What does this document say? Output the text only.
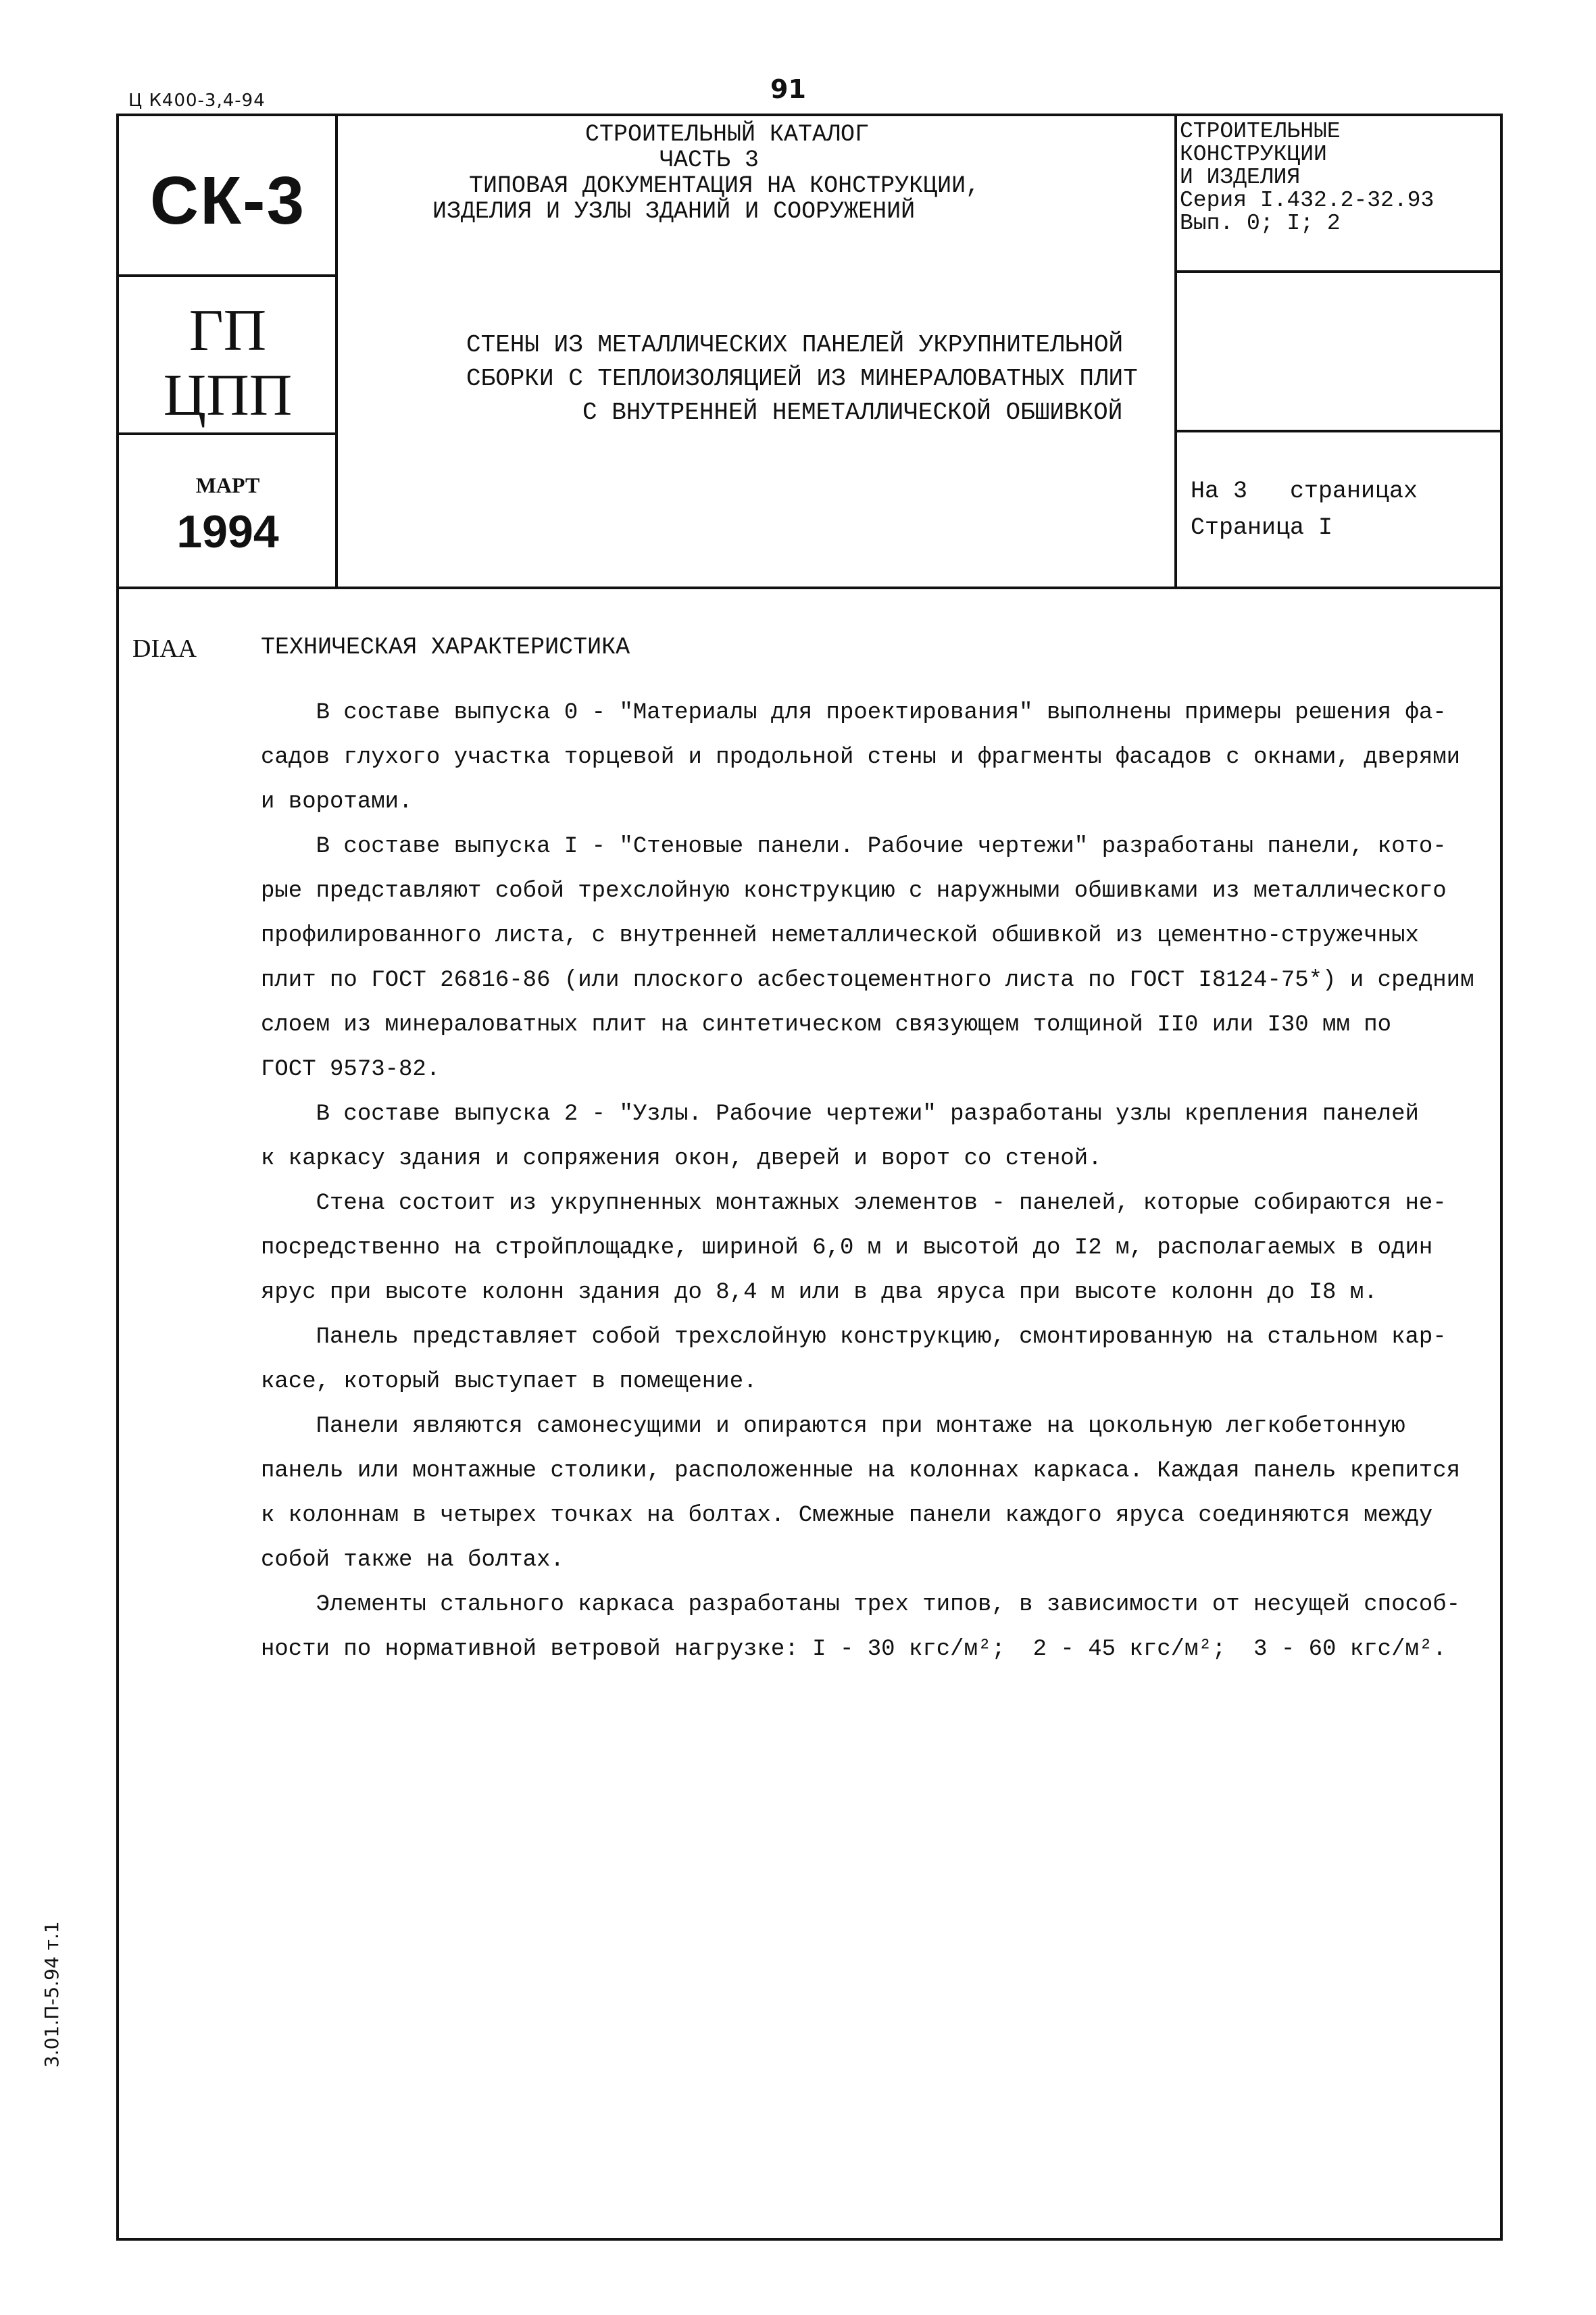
Ц К400-3,4-94	91
СК-3
ГП
ЦПП
МАРТ
1994
СТРОИТЕЛЬНЫЙ КАТАЛОГ
ЧАСТЬ 3
ТИПОВАЯ ДОКУМЕНТАЦИЯ НА КОНСТРУКЦИИ,
ИЗДЕЛИЯ И УЗЛЫ ЗДАНИЙ И СООРУЖЕНИЙ
СТРОИТЕЛЬНЫЕ
КОНСТРУКЦИИ
И ИЗДЕЛИЯ
Серия I.432.2-32.93
Вып. 0; I; 2
СТЕНЫ ИЗ МЕТАЛЛИЧЕСКИХ ПАНЕЛЕЙ УКРУПНИТЕЛЬНОЙ
СБОРКИ С ТЕПЛОИЗОЛЯЦИЕЙ ИЗ МИНЕРАЛОВАТНЫХ ПЛИТ
С ВНУТРЕННЕЙ НЕМЕТАЛЛИЧЕСКОЙ ОБШИВКОЙ
На 3   страницах
Страница I
DIAA	ТЕХНИЧЕСКАЯ ХАРАКТЕРИСТИКА
В составе выпуска 0 - "Материалы для проектирования" выполнены примеры решения фа-
садов глухого участка торцевой и продольной стены и фрагменты фасадов с окнами, дверями
и воротами.
В составе выпуска I - "Стеновые панели. Рабочие чертежи" разработаны панели, кото-
рые представляют собой трехслойную конструкцию с наружными обшивками из металлического
профилированного листа, с внутренней неметаллической обшивкой из цементно-стружечных
плит по ГОСТ 26816-86 (или плоского асбестоцементного листа по ГОСТ I8124-75*) и средним
слоем из минераловатных плит на синтетическом связующем толщиной II0 или I30 мм по
ГОСТ 9573-82.
В составе выпуска 2 - "Узлы. Рабочие чертежи" разработаны узлы крепления панелей
к каркасу здания и сопряжения окон, дверей и ворот со стеной.
Стена состоит из укрупненных монтажных элементов - панелей, которые собираются не-
посредственно на стройплощадке, шириной 6,0 м и высотой до I2 м, располагаемых в один
ярус при высоте колонн здания до 8,4 м или в два яруса при высоте колонн до I8 м.
Панель представляет собой трехслойную конструкцию, смонтированную на стальном кар-
касе, который выступает в помещение.
Панели являются самонесущими и опираются при монтаже на цокольную легкобетонную
панель или монтажные столики, расположенные на колоннах каркаса. Каждая панель крепится
к колоннам в четырех точках на болтах. Смежные панели каждого яруса соединяются между
собой также на болтах.
Элементы стального каркаса разработаны трех типов, в зависимости от несущей способ-
ности по нормативной ветровой нагрузке: I - 30 кгс/м²;  2 - 45 кгс/м²;  3 - 60 кгс/м².
3.01.П-5.94 т.1
